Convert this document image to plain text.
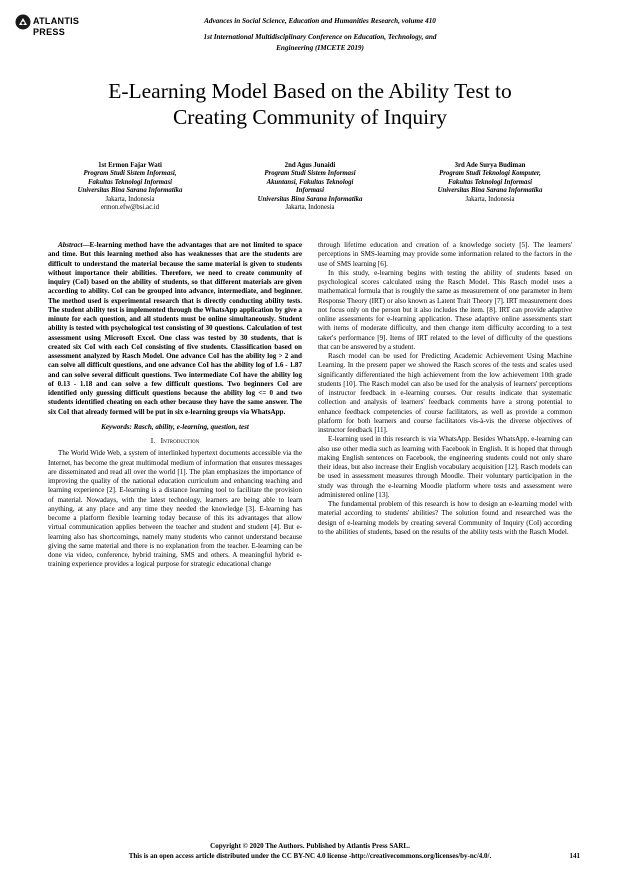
ATLANTIS
PRESS
Advances in Social Science, Education and Humanities Research, volume 410
1st International Multidisciplinary Conference on Education, Technology, and
Engineering (IMCETE 2019)
E-Learning Model Based on the Ability Test to
Creating Community of Inquiry
1st Ermon Fajar Wati
Program Studi Sistem Informasi,
Fakultas Teknologi Informasi
Universitas Bina Sarana Informatika
Jakarta, Indonesia
ermon.efw@bsi.ac.id
2nd Agus Junaidi
Program Studi Sistem Informasi
Akuntansi, Fakultas Teknologi
Informasi
Universitas Bina Sarana Informatika
Jakarta, Indonesia
3rd Ade Surya Budiman
Program Studi Teknologi Komputer,
Fakultas Teknologi Informasi
Universitas Bina Sarana Informatika
Jakarta, Indonesia

Abstract—E-learning method have the advantages that are not limited to space and time. But this learning method also has weaknesses that are the students are difficult to understand the material because the same material is given to students without importance their abilities. Therefore, we need to create community of inquiry (CoI) based on the ability of students, so that different materials are given according to ability. CoI can be grouped into advance, intermediate, and beginner. The method used is experimental research that is directly conducting ability tests. The student ability test is implemented through the WhatsApp application by give a minute for each question, and all students must be online simultaneously. Student ability is tested with psychological test consisting of 30 questions. Calculation of test assessment using Microsoft Excel. One class was tested by 30 students, that is created six CoI with each CoI consisting of five students. Classification based on assessment analyzed by Rasch Model. One advance CoI has the ability log > 2 and can solve all difficult questions, and one advance CoI has the ability log of 1.6 - 1.87 and can solve several difficult questions. Two intermediate CoI have the ability log of 0.13 - 1.18 and can solve a few difficult questions. Two beginners CoI are identified only guessing difficult questions because the ability log <= 0 and two students identified cheating on each other because they have the same answer. The six CoI that already formed will be put in six e-learning groups via WhatsApp.

Keywords: Rasch, ability, e-learning, question, test
I. Introduction

The World Wide Web, a system of interlinked hypertext documents accessible via the Internet, has become the great multimodal medium of information that ensures messages are disseminated and read all over the world [1]. The plan emphasizes the importance of improving the quality of the national education curriculum and enhancing teaching and learning experience [2]. E-learning is a distance learning tool to facilitate the provision of material. Nowadays, with the latest technology, learners are being able to learn anything, at any place and any time they needed the knowledge [3]. E-learning has become a platform flexible learning today because of this its advantages that allow virtual communication applies between the teacher and student and student [4]. But e-learning also has shortcomings, namely many students who cannot understand because giving the same material and there is no explanation from the teacher. E-learning can be done via video, conference, hybrid training, SMS and others. A meaningful hybrid e-training experience provides a logical purpose for strategic educational change

through lifetime education and creation of a knowledge society [5]. The learners' perceptions in SMS-learning may provide some information related to the factors in the use of SMS learning [6].

In this study, e-learning begins with testing the ability of students based on psychological scores calculated using the Rasch Model. This Rasch model uses a mathematical formula that is roughly the same as measurement of one parameter in Item Response Theory (IRT) or also known as Latent Trait Theory [7]. IRT measurement does not focus only on the person but it also includes the item. [8]. IRT can provide adaptive online assessments for e-learning application. These adaptive online assessments start with items of moderate difficulty, and then change item difficulty according to a test taker's performance [9]. Items of IRT related to the level of difficulty of the questions that can be answered by a student.

Rasch model can be used for Predicting Academic Achievement Using Machine Learning. In the present paper we showed the Rasch scores of the tests and scales used significantly differentiated the high achievement from the low achievement 10th grade students [10]. The Rasch model can also be used for the analysis of learners' perceptions of instructor feedback in e-learning courses. Our results indicate that systematic collection and analysis of learners' feedback comments have a strong potential to enhance feedback competencies of course facilitators, as well as provide a common platform for both learners and course facilitators vis-à-vis the diverse objectives of instructor feedback [11].

E-learning used in this research is via WhatsApp. Besides WhatsApp, e-learning can also use other media such as learning with Facebook in English. It is hoped that through making English sentences on Facebook, the engineering students could not only share their ideas, but also increase their English vocabulary acquisition [12]. Rasch models can be used in assessment measures through Moodle. Their voluntary participation in the study was through the e-learning Moodle platform where tests and assessment were administered online [13].

The fundamental problem of this research is how to design an e-learning model with material according to students' abilities? The solution found and researched was the design of e-learning models by creating several Community of Inquiry (CoI) according to the abilities of students, based on the results of the ability tests with the Rasch Model.

Copyright © 2020 The Authors. Published by Atlantis Press SARL.
This is an open access article distributed under the CC BY-NC 4.0 license -http://creativecommons.org/licenses/by-nc/4.0/.	141
